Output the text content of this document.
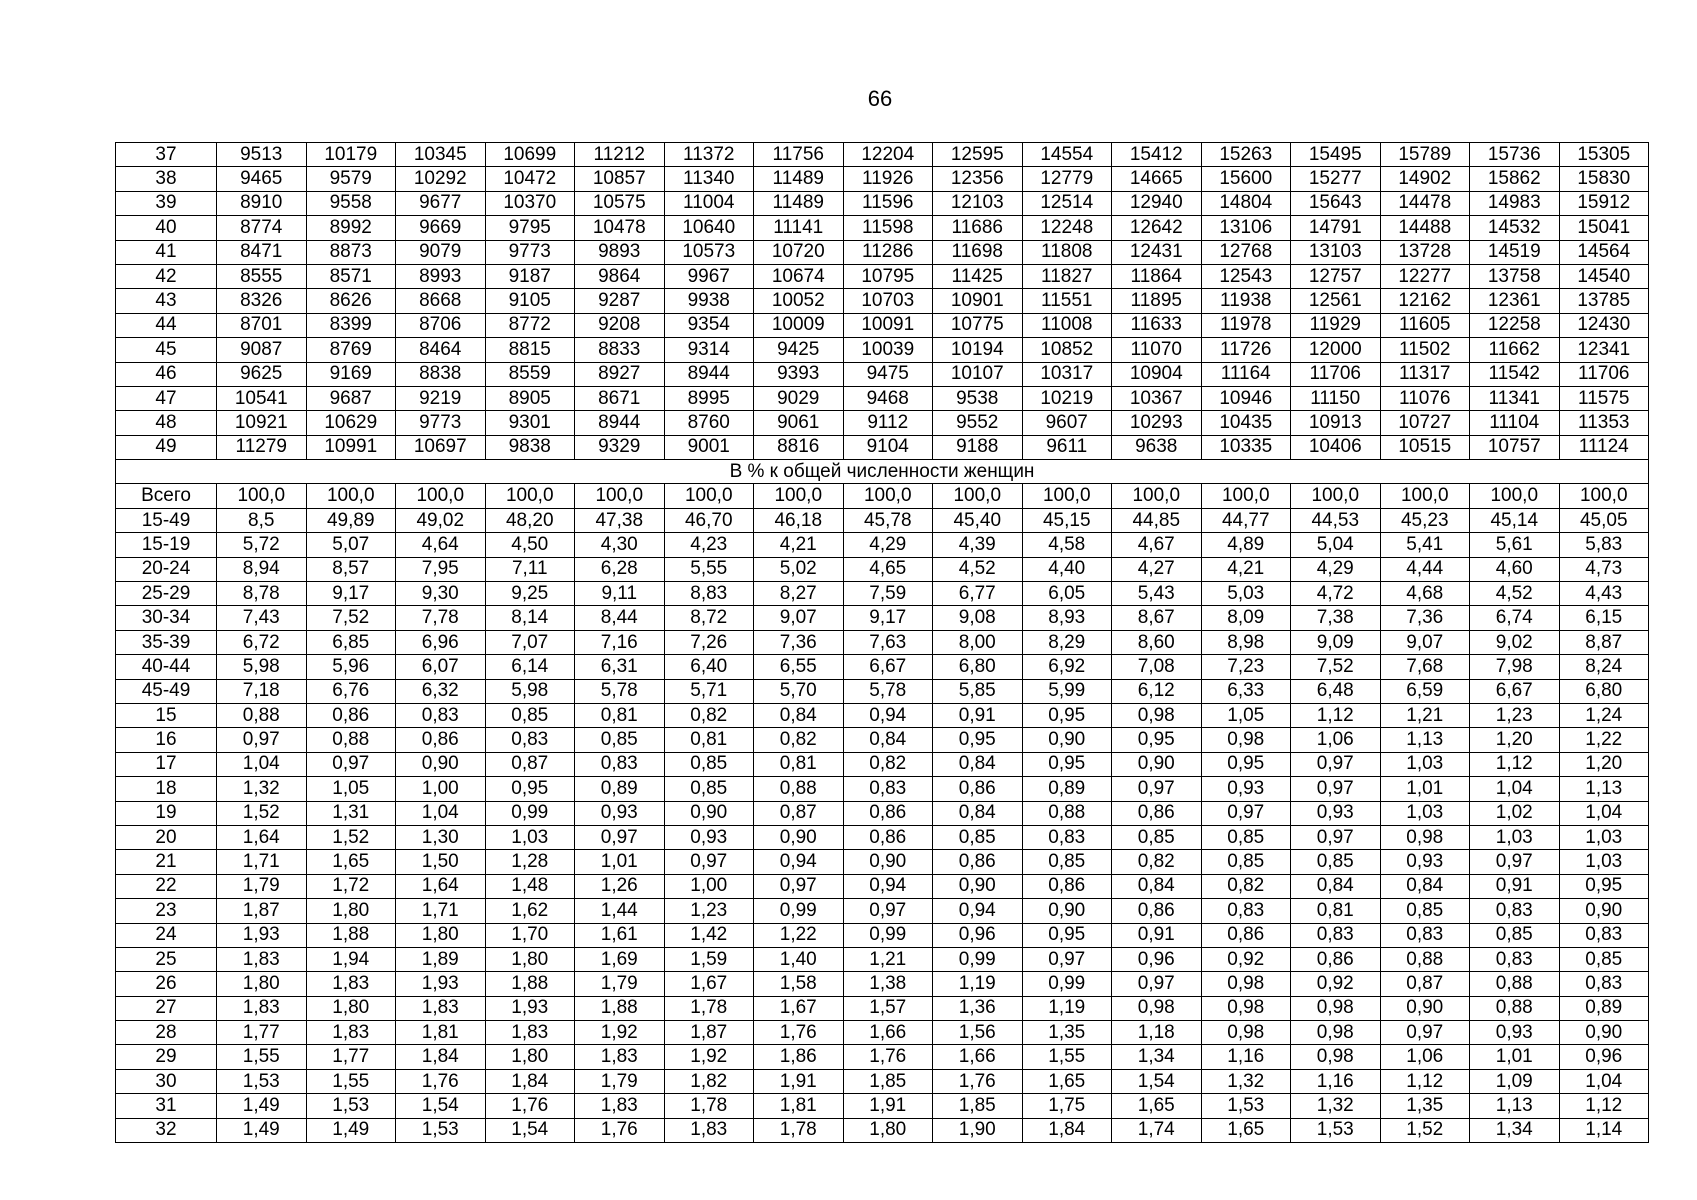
66
37	9513	10179	10345	10699	11212	11372	11756	12204	12595	14554	15412	15263	15495	15789	15736	15305
38	9465	9579	10292	10472	10857	11340	11489	11926	12356	12779	14665	15600	15277	14902	15862	15830
39	8910	9558	9677	10370	10575	11004	11489	11596	12103	12514	12940	14804	15643	14478	14983	15912
40	8774	8992	9669	9795	10478	10640	11141	11598	11686	12248	12642	13106	14791	14488	14532	15041
41	8471	8873	9079	9773	9893	10573	10720	11286	11698	11808	12431	12768	13103	13728	14519	14564
42	8555	8571	8993	9187	9864	9967	10674	10795	11425	11827	11864	12543	12757	12277	13758	14540
43	8326	8626	8668	9105	9287	9938	10052	10703	10901	11551	11895	11938	12561	12162	12361	13785
44	8701	8399	8706	8772	9208	9354	10009	10091	10775	11008	11633	11978	11929	11605	12258	12430
45	9087	8769	8464	8815	8833	9314	9425	10039	10194	10852	11070	11726	12000	11502	11662	12341
46	9625	9169	8838	8559	8927	8944	9393	9475	10107	10317	10904	11164	11706	11317	11542	11706
47	10541	9687	9219	8905	8671	8995	9029	9468	9538	10219	10367	10946	11150	11076	11341	11575
48	10921	10629	9773	9301	8944	8760	9061	9112	9552	9607	10293	10435	10913	10727	11104	11353
49	11279	10991	10697	9838	9329	9001	8816	9104	9188	9611	9638	10335	10406	10515	10757	11124
В % к общей численности женщин																
Всего	100,0	100,0	100,0	100,0	100,0	100,0	100,0	100,0	100,0	100,0	100,0	100,0	100,0	100,0	100,0	100,0
15-49	8,5	49,89	49,02	48,20	47,38	46,70	46,18	45,78	45,40	45,15	44,85	44,77	44,53	45,23	45,14	45,05
15-19	5,72	5,07	4,64	4,50	4,30	4,23	4,21	4,29	4,39	4,58	4,67	4,89	5,04	5,41	5,61	5,83
20-24	8,94	8,57	7,95	7,11	6,28	5,55	5,02	4,65	4,52	4,40	4,27	4,21	4,29	4,44	4,60	4,73
25-29	8,78	9,17	9,30	9,25	9,11	8,83	8,27	7,59	6,77	6,05	5,43	5,03	4,72	4,68	4,52	4,43
30-34	7,43	7,52	7,78	8,14	8,44	8,72	9,07	9,17	9,08	8,93	8,67	8,09	7,38	7,36	6,74	6,15
35-39	6,72	6,85	6,96	7,07	7,16	7,26	7,36	7,63	8,00	8,29	8,60	8,98	9,09	9,07	9,02	8,87
40-44	5,98	5,96	6,07	6,14	6,31	6,40	6,55	6,67	6,80	6,92	7,08	7,23	7,52	7,68	7,98	8,24
45-49	7,18	6,76	6,32	5,98	5,78	5,71	5,70	5,78	5,85	5,99	6,12	6,33	6,48	6,59	6,67	6,80
15	0,88	0,86	0,83	0,85	0,81	0,82	0,84	0,94	0,91	0,95	0,98	1,05	1,12	1,21	1,23	1,24
16	0,97	0,88	0,86	0,83	0,85	0,81	0,82	0,84	0,95	0,90	0,95	0,98	1,06	1,13	1,20	1,22
17	1,04	0,97	0,90	0,87	0,83	0,85	0,81	0,82	0,84	0,95	0,90	0,95	0,97	1,03	1,12	1,20
18	1,32	1,05	1,00	0,95	0,89	0,85	0,88	0,83	0,86	0,89	0,97	0,93	0,97	1,01	1,04	1,13
19	1,52	1,31	1,04	0,99	0,93	0,90	0,87	0,86	0,84	0,88	0,86	0,97	0,93	1,03	1,02	1,04
20	1,64	1,52	1,30	1,03	0,97	0,93	0,90	0,86	0,85	0,83	0,85	0,85	0,97	0,98	1,03	1,03
21	1,71	1,65	1,50	1,28	1,01	0,97	0,94	0,90	0,86	0,85	0,82	0,85	0,85	0,93	0,97	1,03
22	1,79	1,72	1,64	1,48	1,26	1,00	0,97	0,94	0,90	0,86	0,84	0,82	0,84	0,84	0,91	0,95
23	1,87	1,80	1,71	1,62	1,44	1,23	0,99	0,97	0,94	0,90	0,86	0,83	0,81	0,85	0,83	0,90
24	1,93	1,88	1,80	1,70	1,61	1,42	1,22	0,99	0,96	0,95	0,91	0,86	0,83	0,83	0,85	0,83
25	1,83	1,94	1,89	1,80	1,69	1,59	1,40	1,21	0,99	0,97	0,96	0,92	0,86	0,88	0,83	0,85
26	1,80	1,83	1,93	1,88	1,79	1,67	1,58	1,38	1,19	0,99	0,97	0,98	0,92	0,87	0,88	0,83
27	1,83	1,80	1,83	1,93	1,88	1,78	1,67	1,57	1,36	1,19	0,98	0,98	0,98	0,90	0,88	0,89
28	1,77	1,83	1,81	1,83	1,92	1,87	1,76	1,66	1,56	1,35	1,18	0,98	0,98	0,97	0,93	0,90
29	1,55	1,77	1,84	1,80	1,83	1,92	1,86	1,76	1,66	1,55	1,34	1,16	0,98	1,06	1,01	0,96
30	1,53	1,55	1,76	1,84	1,79	1,82	1,91	1,85	1,76	1,65	1,54	1,32	1,16	1,12	1,09	1,04
31	1,49	1,53	1,54	1,76	1,83	1,78	1,81	1,91	1,85	1,75	1,65	1,53	1,32	1,35	1,13	1,12
32	1,49	1,49	1,53	1,54	1,76	1,83	1,78	1,80	1,90	1,84	1,74	1,65	1,53	1,52	1,34	1,14
